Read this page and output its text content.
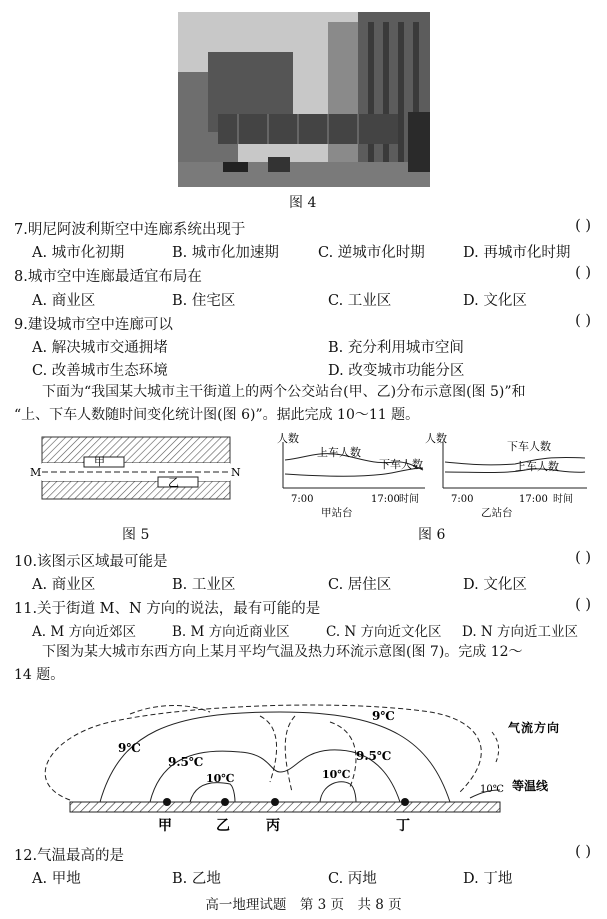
图 4
7.明尼阿波利斯空中连廊系统出现于	( )
A. 城市化初期	B. 城市化加速期	C. 逆城市化时期	D. 再城市化时期
8.城市空中连廊最适宜布局在	( )
A. 商业区	B. 住宅区	C. 工业区	D. 文化区
9.建设城市空中连廊可以	( )
A. 解决城市交通拥堵	B. 充分利用城市空间
C. 改善城市生态环境	D. 改变城市功能分区
下面为“我国某大城市主干街道上的两个公交站台(甲、乙)分布示意图(图 5)”和
“上、下车人数随时间变化统计图(图 6)”。据此完成 10～11 题。
M	N
甲
乙
图 5
人数
上车人数
下车人数
7:00	17:00 时间
甲站台
人数
下车人数
上车人数
7:00	17:00 时间
乙站台
图 6
10.该图示区域最可能是	( )
A. 商业区	B. 工业区	C. 居住区	D. 文化区
11.关于街道 M、N 方向的说法，最有可能的是	( )
A. M 方向近郊区	B. M 方向近商业区	C. N 方向近文化区 D. N 方向近工业区
下图为某大城市东西方向上某月平均气温及热力环流示意图(图 7)。完成 12～
14 题。
9℃
9℃
9.5℃	9.5℃
10℃	10℃
气流方向
10℃ 等温线
甲	乙	丙	丁
12.气温最高的是	( )
A. 甲地	B. 乙地	C. 丙地	D. 丁地
高一地理试题　第 3 页　共 8 页
